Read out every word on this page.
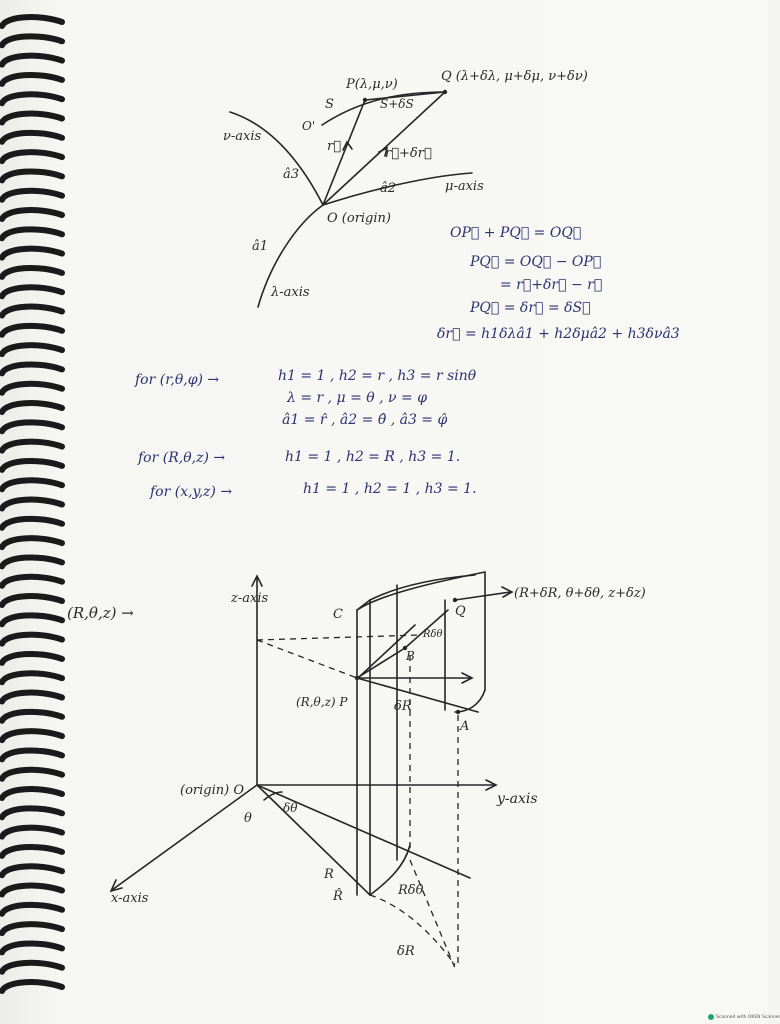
P(λ,μ,ν)
Q (λ+δλ, μ+δμ, ν+δν)
S
O'
S+δS
r⃗	r⃗+δr⃗
ν-axis
â3
â2	μ-axis
O (origin)
â1
λ-axis
OP⃗ + PQ⃗ = OQ⃗
PQ⃗ = OQ⃗ − OP⃗
= r⃗+δr⃗ − r⃗
PQ⃗ = δr⃗ = δS⃗
δr⃗ = h1δλâ1 + h2δμâ2 + h3δνâ3
for (r,θ,φ) →	h1 = 1 , h2 = r , h3 = r sinθ
λ = r , μ = θ , ν = φ
â1 = r̂ , â2 = θ̂ , â3 = φ̂
for (R,θ,z) →	h1 = 1 , h2 = R , h3 = 1.
for (x,y,z) →	h1 = 1 , h2 = 1 , h3 = 1.
(R,θ,z) →
z-axis
C	Q
(R+δR, θ+δθ, z+δz)
B
Rδθ
(R,θ,z) P	δR
A
(origin) O
y-axis
θ
δθ
R
R̂	Rδθ
x-axis
δR
Scanned with OKEN Scanner
